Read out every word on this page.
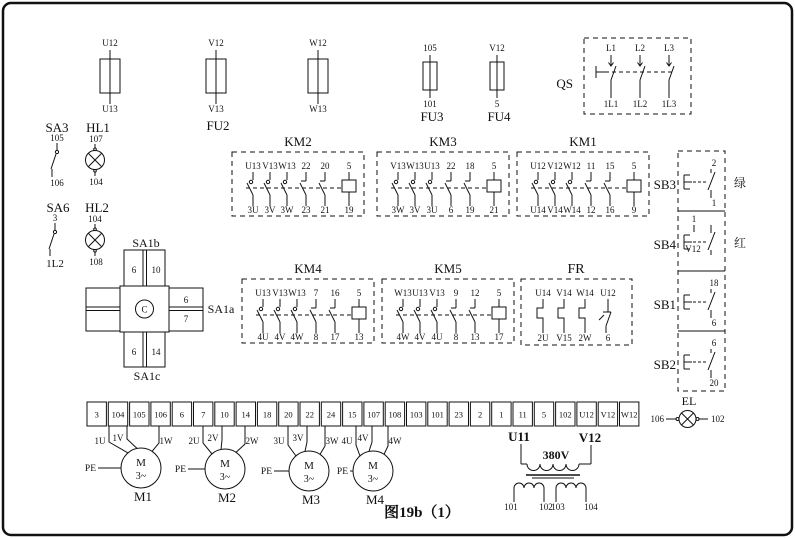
U12
U13
V12
V13
FU2
W12
W13
105
101
FU3
V12
5
FU4
QS
L1
1L1
L2
1L2
L3
1L3
SA3
105
106
HL1
107
104
SA6
3
1L2
HL2
104
108
C
SA1b
6 10
6 14
SA1c
6
7
SA1a
KM2
U13
3U
V13
3V
W13
3W
22
23
20
21
5
19
KM3
V13
3W
W13
3V
U13
3U
22
6
18
19
5
21
KM1
U12
U14
V12
V14
W12
W14
11
12
15
16
5
9
KM4
U13
4U
V13
4V
W13
4W
7
8
16
17
5
13
KM5
W13
4W
U13
4V
V13
4U
9
8
12
13
5
17
FR
U14
2U
V14
V15
W14
2W
U12
6
SB3	绿
2
1
SB4	红
1
V12
SB1
18
6
SB2
6
20
EL
106	102
3 104 105 106 6 7 10 14 18 20 22 24 15 107 108 103 101 23 2 1 11 5 102 U12 V12 W12
M
3~
M1
1U 1V	1W
PE	M
3~
M2
2U 2V	2W
PE	M
3~
M3
3U 3V 3W
PE	M
3~
M4
4U 4V 4W
PE
U11	V12
380V
101 102
103 104
图19b（1）
